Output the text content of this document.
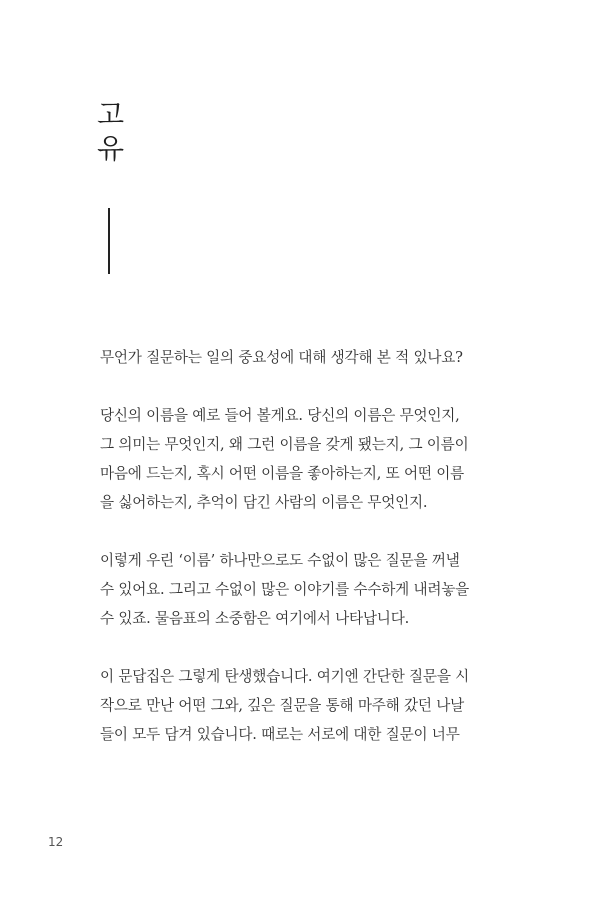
고
유

무언가 질문하는 일의 중요성에 대해 생각해 본 적 있나요?

당신의 이름을 예로 들어 볼게요. 당신의 이름은 무엇인지,
그 의미는 무엇인지, 왜 그런 이름을 갖게 됐는지, 그 이름이
마음에 드는지, 혹시 어떤 이름을 좋아하는지, 또 어떤 이름
을 싫어하는지, 추억이 담긴 사람의 이름은 무엇인지.

이렇게 우린 ‘이름’ 하나만으로도 수없이 많은 질문을 꺼낼
수 있어요. 그리고 수없이 많은 이야기를 수수하게 내려놓을
수 있죠. 물음표의 소중함은 여기에서 나타납니다.

이 문답집은 그렇게 탄생했습니다. 여기엔 간단한 질문을 시
작으로 만난 어떤 그와, 깊은 질문을 통해 마주해 갔던 나날
들이 모두 담겨 있습니다. 때로는 서로에 대한 질문이 너무

12
